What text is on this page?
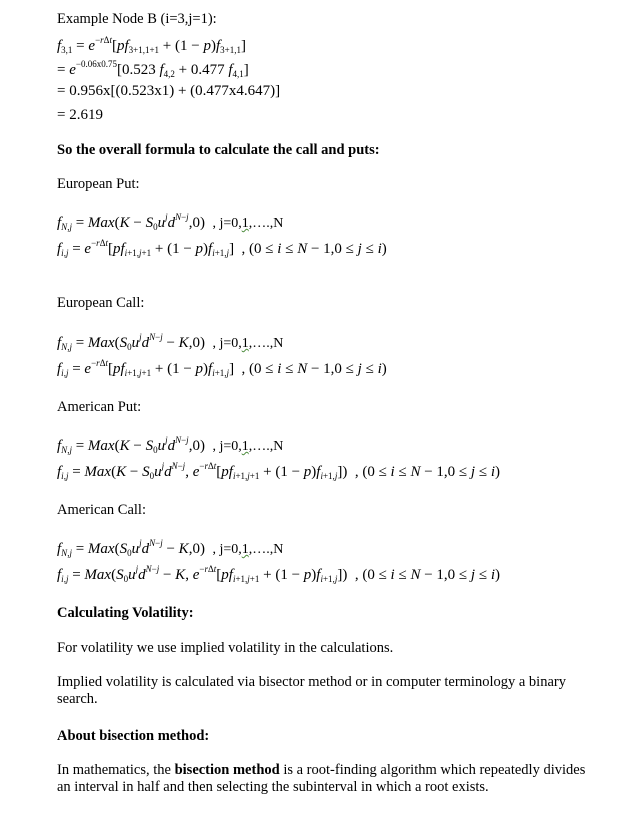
Example Node B (i=3,j=1):
$f_{3,1} = e^{-r\Delta t}[pf_{3+1,1+1} + (1 - p)f_{3+1,1}]$
= $e^{-0.06x0.75}[0.523$ $f_{4,2} + 0.477$ $f_{4,1}$]
= 0.956x[(0.523x1) + (0.477x4.647)]
= 2.619
So the overall formula to calculate the call and puts:
European Put:
$f_{N,j} = Max(K - S_0u^jd^{N-j},0)$  , j=0,1,….,N
$f_{i,j} = e^{-r\Delta t}[pf_{i+1,j+1} + (1 - p)f_{i+1,j}]$  , (0 ≤ i ≤ N − 1,0 ≤ j ≤ i)
European Call:
$f_{N,j} = Max(S_0u^jd^{N-j} - K,0)$  , j=0,1,….,N
$f_{i,j} = e^{-r\Delta t}[pf_{i+1,j+1} + (1 - p)f_{i+1,j}]$  , (0 ≤ i ≤ N − 1,0 ≤ j ≤ i)
American Put:
$f_{N,j} = Max(K - S_0u^jd^{N-j},0)$  , j=0,1,….,N
$f_{i,j} = Max(K - S_0u^jd^{N-j}$, $e^{-r\Delta t}[pf_{i+1,j+1} + (1 - p)f_{i+1,j}]$)  , (0 ≤ i ≤ N − 1,0 ≤ j ≤ i)
American Call:
$f_{N,j} = Max(S_0u^jd^{N-j} - K,0)$  , j=0,1,….,N
$f_{i,j} = Max(S_0u^jd^{N-j} - K$, $e^{-r\Delta t}[pf_{i+1,j+1} + (1 - p)f_{i+1,j}]$)  , (0 ≤ i ≤ N − 1,0 ≤ j ≤ i)
Calculating Volatility:
For volatility we use implied volatility in the calculations.
Implied volatility is calculated via bisector method or in computer terminology a binary search.
About bisection method:
In mathematics, the bisection method is a root-finding algorithm which repeatedly divides an interval in half and then selecting the subinterval in which a root exists.
